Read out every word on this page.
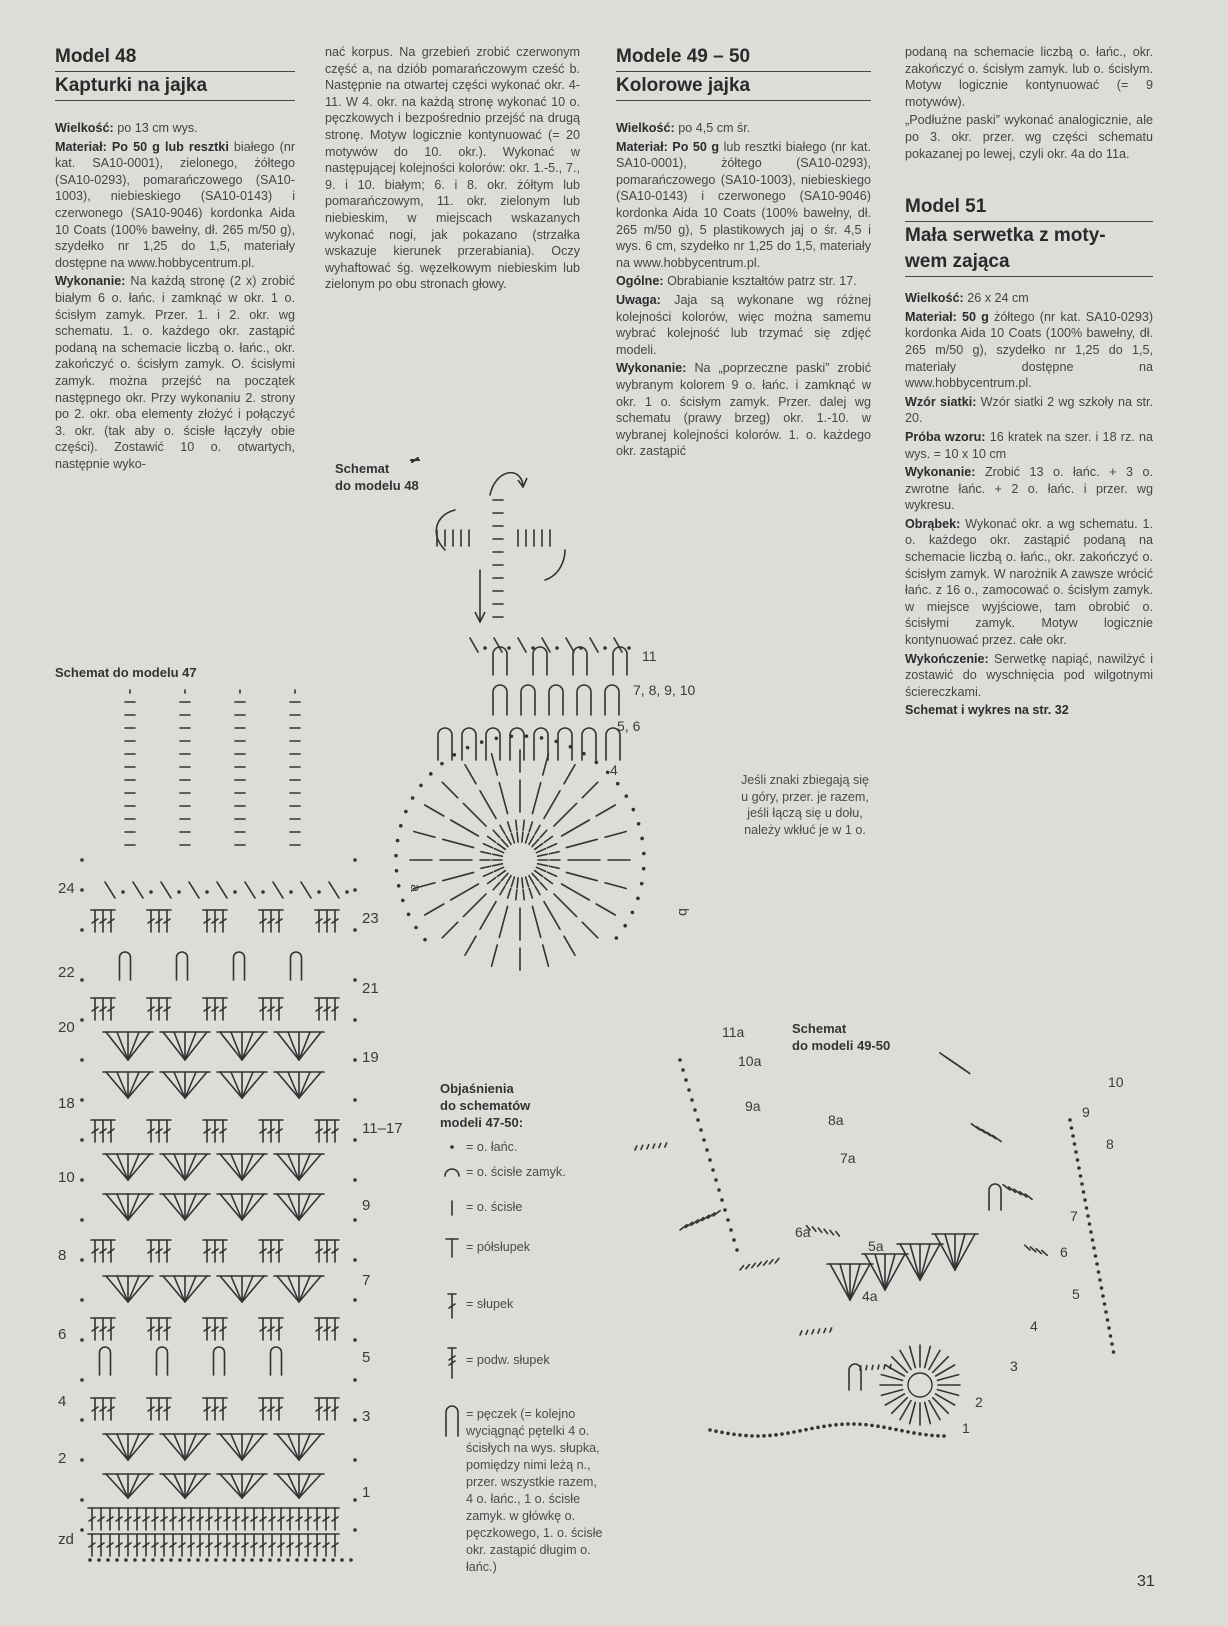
Model 48
Kapturki na jajka

Wielkość: po 13 cm wys.

Materiał: Po 50 g lub resztki białego (nr kat. SA10-0001), zielonego, żółtego (SA10-0293), pomarańczowego (SA10-1003), niebieskiego (SA10-0143) i czerwonego (SA10-9046) kordonka Aida 10 Coats (100% bawełny, dł. 265 m/50 g), szydełko nr 1,25 do 1,5, materiały dostępne na www.hobbycentrum.pl.

Wykonanie: Na każdą stronę (2 x) zrobić białym 6 o. łańc. i zamknąć w okr. 1 o. ścisłym zamyk. Przer. 1. i 2. okr. wg schematu. 1. o. każdego okr. zastąpić podaną na schemacie liczbą o. łańc., okr. zakończyć o. ścisłym zamyk. O. ścisłymi zamyk. można przejść na początek następnego okr. Przy wykonaniu 2. strony po 2. okr. oba elementy złożyć i połączyć 3. okr. (tak aby o. ścisłe łączyły obie części). Zostawić 10 o. otwartych, następnie wyko-

nać korpus. Na grzebień zrobić czerwonym część a, na dziób pomarańczowym cześć b. Następnie na otwartej części wykonać okr. 4-11. W 4. okr. na każdą stronę wykonać 10 o. pęczkowych i bezpośrednio przejść na drugą stronę. Motyw logicznie kontynuować (= 20 motywów do 10. okr.). Wykonać w następującej kolejności kolorów: okr. 1.-5., 7., 9. i 10. białym; 6. i 8. okr. żółtym lub pomarańczowym, 11. okr. zielonym lub niebieskim, w miejscach wskazanych wykonać nogi, jak pokazano (strzałka wskazuje kierunek przerabiania). Oczy wyhaftować śg. węzełkowym niebieskim lub zielonym po obu stronach głowy.

Modele 49 – 50
Kolorowe jajka

Wielkość: po 4,5 cm śr.

Materiał: Po 50 g lub resztki białego (nr kat. SA10-0001), żółtego (SA10-0293), pomarańczowego (SA10-1003), niebieskiego (SA10-0143) i czerwonego (SA10-9046) kordonka Aida 10 Coats (100% bawełny, dł. 265 m/50 g), 5 plastikowych jaj o śr. 4,5 i wys. 6 cm, szydełko nr 1,25 do 1,5, materiały na www.hobbycentrum.pl.

Ogólne: Obrabianie kształtów patrz str. 17.

Uwaga: Jaja są wykonane wg różnej kolejności kolorów, więc można samemu wybrać kolejność lub trzymać się zdjęć modeli.

Wykonanie: Na „poprzeczne paski” zrobić wybranym kolorem 9 o. łańc. i zamknąć w okr. 1 o. ścisłym zamyk. Przer. dalej wg schematu (prawy brzeg) okr. 1.-10. w wybranej kolejności kolorów. 1. o. każdego okr. zastąpić

podaną na schemacie liczbą o. łańc., okr. zakończyć o. ścisłym zamyk. lub o. ścisłym. Motyw logicznie kontynuować (= 9 motywów).

„Podłużne paski” wykonać analogicznie, ale po 3. okr. przer. wg części schematu pokazanej po lewej, czyli okr. 4a do 11a.

Model 51
Mała serwetka z moty-
wem zająca

Wielkość: 26 x 24 cm

Materiał: 50 g żółtego (nr kat. SA10-0293) kordonka Aida 10 Coats (100% bawełny, dł. 265 m/50 g), szydełko nr 1,25 do 1,5, materiały dostępne na www.hobbycentrum.pl.

Wzór siatki: Wzór siatki 2 wg szkoły na str. 20.

Próba wzoru: 16 kratek na szer. i 18 rz. na wys. = 10 x 10 cm

Wykonanie: Zrobić 13 o. łańc. + 3 o. zwrotne łańc. + 2 o. łańc. i przer. wg wykresu.

Obrąbek: Wykonać okr. a wg schematu. 1. o. każdego okr. zastąpić podaną na schemacie liczbą o. łańc., okr. zakończyć o. ścisłym zamyk. W narożnik A zawsze wrócić łańc. z 16 o., zamocować o. ścisłym zamyk. w miejsce wyjściowe, tam obrobić o. ścisłymi zamyk. Motyw logicznie kontynuować przez. całe okr.

Wykończenie: Serwetkę napiąć, nawilżyć i zostawić do wyschnięcia pod wilgotnymi ściereczkami.

Schemat i wykres na str. 32

Schemat
do modelu 48
Schemat do modelu 47
Schemat
do modeli 49-50
Jeśli znaki zbiegają się u góry, przer. je razem, jeśli łączą się u dołu, należy wkłuć je w 1 o.
Objaśnienia
do schematów
modeli 47-50:
= o. łańc.
= o. ścisłe zamyk.
= o. ścisłe
= półsłupek
= słupek
= podw. słupek
= pęczek (= kolejno wyciągnąć pętelki 4 o. ścisłych na wys. słupka, pomiędzy nimi leżą n., przer. wszystkie razem, 4 o. łańc., 1 o. ścisłe zamyk. w główkę o. pęczkowego, 1. o. ścisłe okr. zastąpić długim o. łańc.)
24
22
20
18
10
8
6
4
2
pz
23
21
19
11–17
9
7
5
3
1
11
7, 8, 9, 10
5, 6
4
a
b
11a
10a
9a
8a
7a
6a
5a
4a
10
9
8
7
6
5
4
3
2
1
31
